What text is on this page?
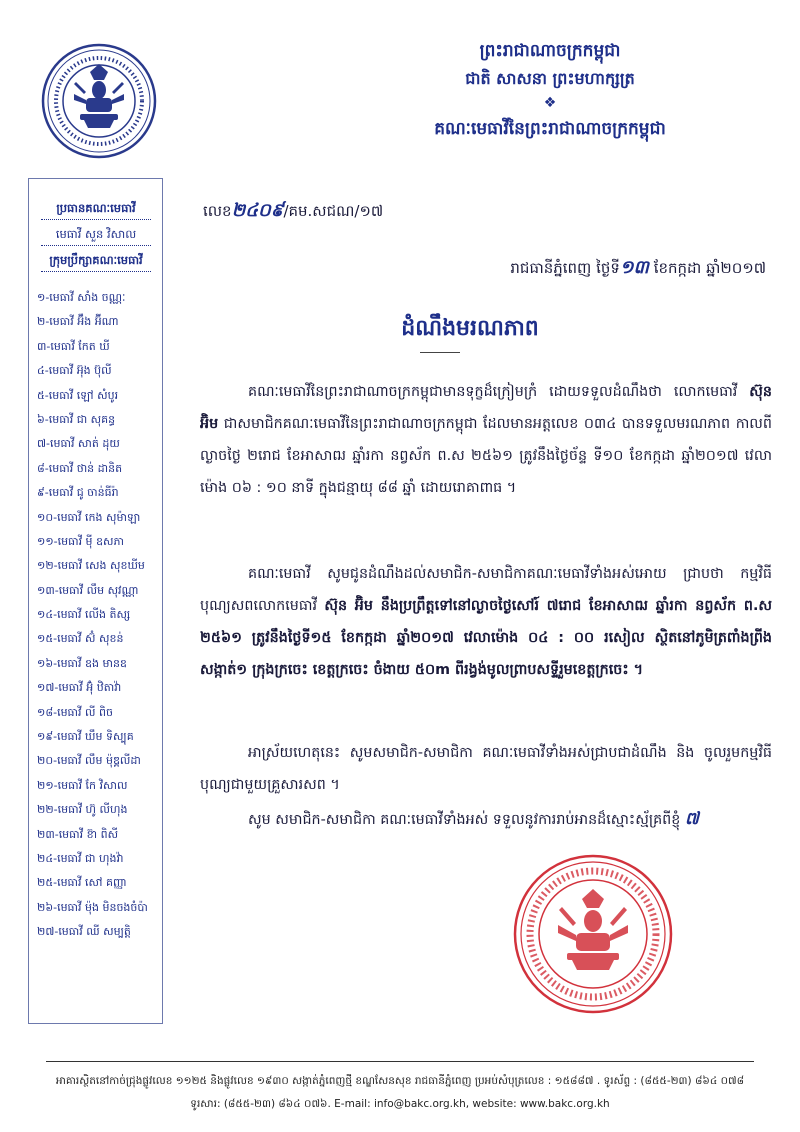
ព្រះរាជាណាចក្រកម្ពុជា
ជាតិ សាសនា ព្រះមហាក្សត្រ
❖
គណៈមេធាវីនៃព្រះរាជាណាចក្រកម្ពុជា
ប្រធានគណៈមេធាវី
មេធាវី សួន វិសាល
ក្រុមប្រឹក្សាគណៈមេធាវី
១-មេធាវី សាំង ចណ្ណៈ
២-មេធាវី អ៊ឹង អ៊ីណា
៣-មេធាវី កែត ឃី
៤-មេធាវី អ៊ុង ប៊ុលី
៥-មេធាវី ឡៅ សំបូរ
៦-មេធាវី ជា សុគន្ធ
៧-មេធាវី សាត់ ដុយ
៨-មេធាវី ថាន់ ដានិត
៩-មេធាវី ជូ ចាន់ធីរ៉ា
១០-មេធាវី កេង សុម៉ាឡា
១១-មេធាវី ម៉ី ឧសភា
១២-មេធាវី សេង សុខឃីម
១៣-មេធាវី លឹម សុវណ្ណា
១៤-មេធាវី លើង តិស្ស
១៥-មេធាវី ស៊ំ សុខន់
១៦-មេធាវី ឧង មានឧ
១៧-មេធាវី អ៊ុំ ឋិតាវ៉ា
១៨-មេធាវី លី ពិច
១៩-មេធាវី ឃឹម ទិស្បុគ
២០-មេធាវី លឹម ម៉ុឌ្គលីដា
២១-មេធាវី កែ វិសាល
២២-មេធាវី ហ៊ូ លីហុង
២៣-មេធាវី ខ៊ា ពិសី
២៤-មេធាវី ជា ហុងវ៉ា
២៥-មេធាវី សៅ គញ្ញា
២៦-មេធាវី ម៉ុង មិនចងចំប៉ា
២៧-មេធាវី ឈី សម្បត្តិ
លេខ២៤០៩/គម.សជណ/១៧
រាជធានីភ្នំពេញ ថ្ងៃទី១៣ ខែកក្កដា ឆ្នាំ២០១៧
ដំណឹងមរណភាព
គណៈមេធាវីនៃព្រះរាជាណាចក្រកម្ពុជាមានទុក្ខដ៏ក្រៀមក្រំ ដោយទទួលដំណឹងថា លោកមេធាវី ស៊ុន អ៊ិម ជាសមាជិកគណៈមេធាវីនៃព្រះរាជាណាចក្រកម្ពុជា ដែលមានអត្តលេខ ០៣៤ បានទទួលមរណភាព កាលពីល្ងាចថ្ងៃ ២រោជ ខែអាសាឍ ឆ្នាំរកា នព្វស័ក ព.ស ២៥៦១ ត្រូវនឹងថ្ងៃច័ន្ទ ទី១០ ខែកក្កដា ឆ្នាំ២០១៧ វេលាម៉ោង ០៦ : ១០ នាទី ក្នុងជន្មាយុ ៨៨ ឆ្នាំ ដោយរោគាពាធ ។
គណៈមេធាវី សូមជូនដំណឹងដល់សមាជិក-សមាជិកាគណៈមេធាវីទាំងអស់អោយ ជ្រាបថា កម្មវិធីបុណ្យសពលោកមេធាវី ស៊ុន អ៊ិម នឹងប្រព្រឹត្តទៅនៅល្ងាចថ្ងៃសៅរ៍ ៧រោជ ខែអាសាឍ ឆ្នាំរកា នព្វស័ក ព.ស ២៥៦១ ត្រូវនឹងថ្ងៃទី១៥ ខែកក្កដា ឆ្នាំ២០១៧ វេលាម៉ោង ០៤ : ០០ រសៀល ស្ថិតនៅភូមិត្រពាំងព្រីង សង្កាត់១ ក្រុងក្រចេះ ខេត្តក្រចេះ ចំងាយ ៥០m ពីរង្វង់មូលព្រាបសទ្ទីរួមខេត្តក្រចេះ ។
អាស្រ័យហេតុនេះ សូមសមាជិក-សមាជិកា គណៈមេធាវីទាំងអស់ជ្រាបជាដំណឹង និង ចូលរួមកម្មវិធីបុណ្យជាមួយគ្រួសារសព ។
សូម សមាជិក-សមាជិកា គណៈមេធាវីទាំងអស់ ទទួលនូវការរាប់អានដ៏ស្មោះស្ម័គ្រពីខ្ញុំ ៧
អាគារស្ថិតនៅកាច់ជ្រុងផ្លូវលេខ ១១២៥ និងផ្លូវលេខ ១៩៣០ សង្កាត់ភ្នំពេញថ្មី ខណ្ឌសែនសុខ រាជធានីភ្នំពេញ ប្រអប់សំបុត្រលេខ : ១៥៨៨៧ . ទូរស័ព្ទ : (៨៥៥-២៣) ៨៦៤ ០៧៨
ទូរសារ: (៨៥៥-២៣) ៨៦៤ ០៧៦. E-mail: info@bakc.org.kh, website: www.bakc.org.kh
